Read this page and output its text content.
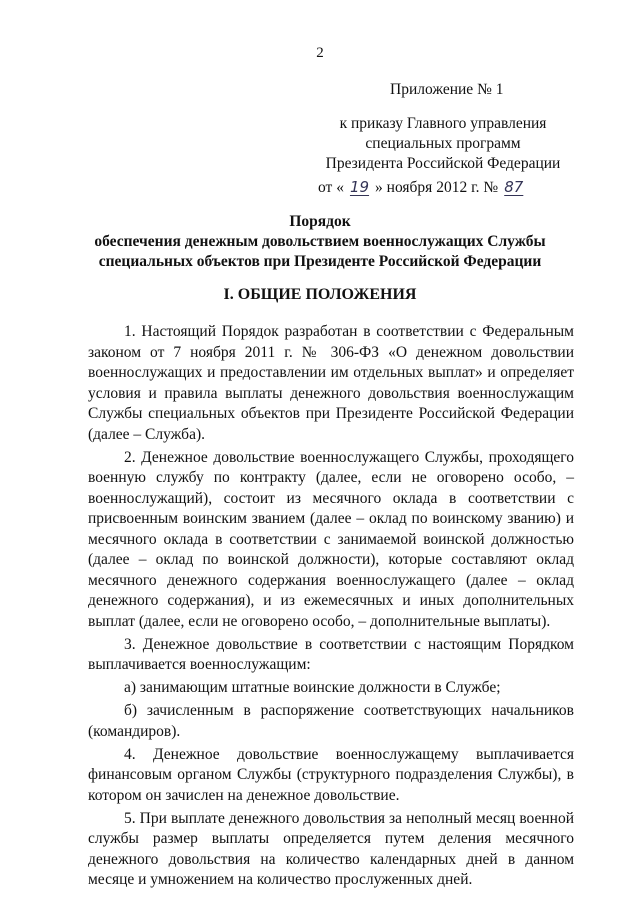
2
Приложение № 1
к приказу Главного управления
специальных программ
Президента Российской Федерации
от « 19 » ноября 2012 г. № 87
Порядок
обеспечения денежным довольствием военнослужащих Службы
специальных объектов при Президенте Российской Федерации
I. ОБЩИЕ ПОЛОЖЕНИЯ

1. Настоящий Порядок разработан в соответствии с Федеральным законом от 7 ноября 2011 г. № 306-ФЗ «О денежном довольствии военнослужащих и предоставлении им отдельных выплат» и определяет условия и правила выплаты денежного довольствия военнослужащим Службы специальных объектов при Президенте Российской Федерации (далее – Служба).

2. Денежное довольствие военнослужащего Службы, проходящего военную службу по контракту (далее, если не оговорено особо, – военнослужащий), состоит из месячного оклада в соответствии с присвоенным воинским званием (далее – оклад по воинскому званию) и месячного оклада в соответствии с занимаемой воинской должностью (далее – оклад по воинской должности), которые составляют оклад месячного денежного содержания военнослужащего (далее – оклад денежного содержания), и из ежемесячных и иных дополнительных выплат (далее, если не оговорено особо, – дополнительные выплаты).

3. Денежное довольствие в соответствии с настоящим Порядком выплачивается военнослужащим:

а) занимающим штатные воинские должности в Службе;

б) зачисленным в распоряжение соответствующих начальников (командиров).

4. Денежное довольствие военнослужащему выплачивается финансовым органом Службы (структурного подразделения Службы), в котором он зачислен на денежное довольствие.

5. При выплате денежного довольствия за неполный месяц военной службы размер выплаты определяется путем деления месячного денежного довольствия на количество календарных дней в данном месяце и умножением на количество прослуженных дней.
